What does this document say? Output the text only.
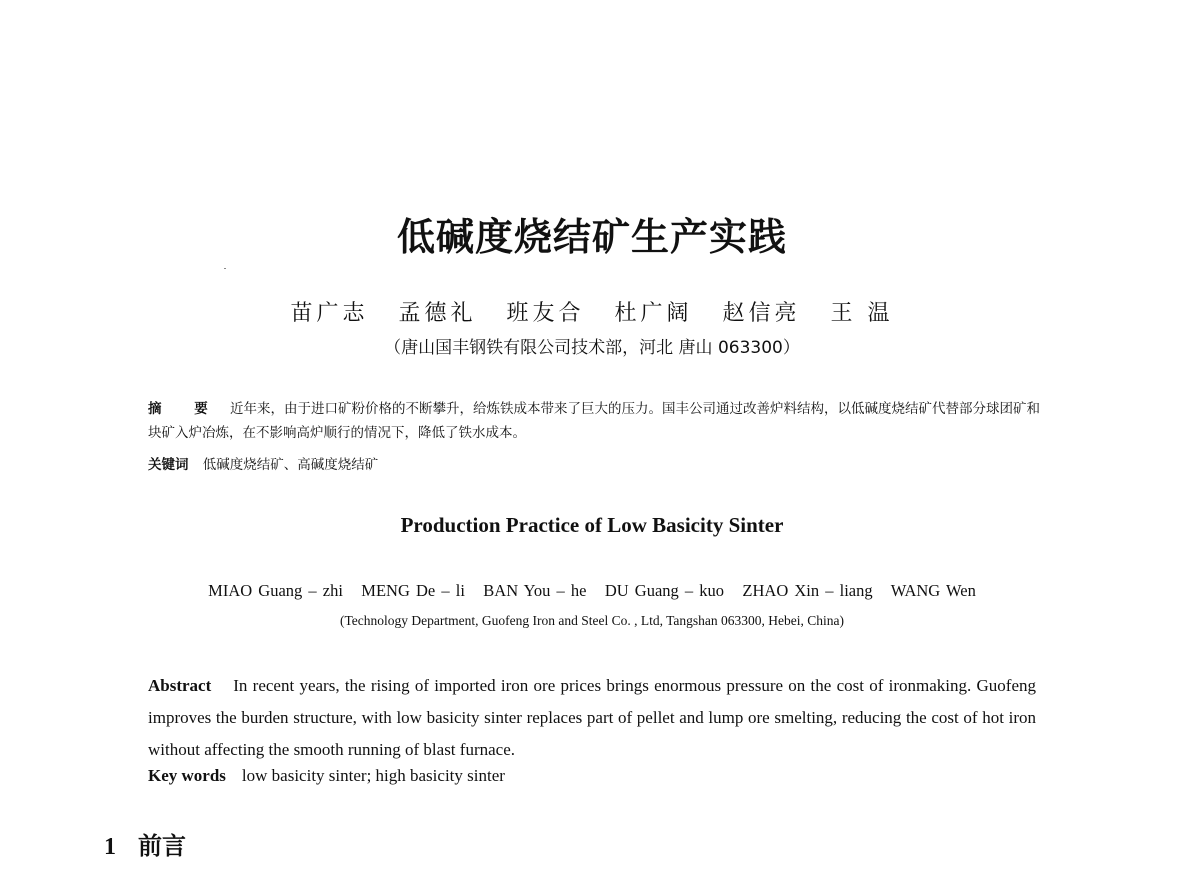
低碱度烧结矿生产实践
苗广志 孟德礼 班友合 杜广阔 赵信亮 王 温
（唐山国丰钢铁有限公司技术部，河北 唐山 063300）
摘 要 近年来，由于进口矿粉价格的不断攀升，给炼铁成本带来了巨大的压力。国丰公司通过改善炉料结构，以低碱度烧结矿代替部分球团矿和块矿入炉冶炼，在不影响高炉顺行的情况下，降低了铁水成本。
关键词 低碱度烧结矿、高碱度烧结矿
Production Practice of Low Basicity Sinter
MIAO Guang – zhi   MENG De – li   BAN You – he   DU Guang – kuo   ZHAO Xin – liang   WANG Wen
(Technology Department, Guofeng Iron and Steel Co. , Ltd, Tangshan 063300, Hebei, China)
Abstract In recent years, the rising of imported iron ore prices brings enormous pressure on the cost of ironmaking. Guofeng improves the burden structure, with low basicity sinter replaces part of pellet and lump ore smelting, reducing the cost of hot iron without affecting the smooth running of blast furnace.
Key words low basicity sinter; high basicity sinter
1 前言
